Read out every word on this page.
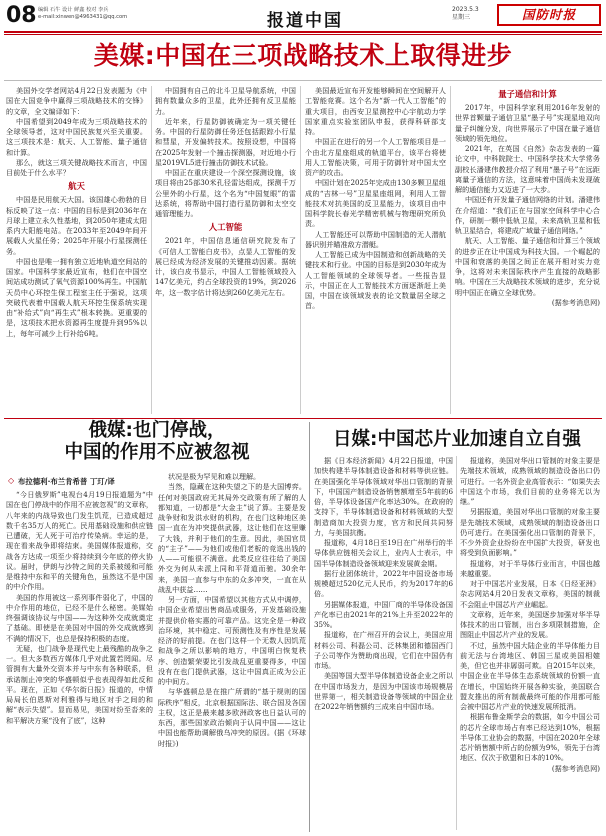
08 编辑 石牛 设计 鲜鑫 校对 李兵
e-mail:xinwen@4963431@qq.com	报道中国
2023.5.3
星期三	国防时报
美媒:中国在三项战略技术上取得进步

美国外交学者网站4月22日发表题为《中国在大国竞争中赢得三项战略技术的交锋》的文章，全文编译如下：

中国希望到2049年成为三项战略技术的全球领导者，这对中国民族复兴至关重要。这三项技术是：航天、人工智能、量子通信和计算。

那么，就这三项关键战略技术而言，中国目前处于什么水平？

航天

中国是民用航天大国。该国雄心勃勃的目标反映了这一点：中国的目标是到2036年在月球上建立永久性基地，到2050年建成太阳系内大阳能电站。在2033年至2049年间开展载人火星任务；2025年开展小行星探测任务。

中国也是唯一拥有独立近地轨道空间站的国家。中国科学家最近宣布，他们在中国空间站成功测试了氧气资源100%再生。中国航天员中心环控生保工程室主任于强说，这项突破代表着中国载人航天环控生保系统实现由“补给式”向“再生式”根本转换。更重要的是，这项技术把水资源再生度提升到95%以上，每年可减少上行补给6吨。

中国拥有自己的北斗卫星导航系统，中国拥有数量众多的卫星，此外还拥有反卫星能力。

近年来，行星防御被确定为一项关键任务。中国的行星防御任务还包括跟踪小行星和彗星，开发偏转技术。按照设想，中国将在2025年发射一个撞击探测器，对近地小行星2019VL5进行撞击防御技术试验。

中国正在重庆建设一个深空探测设施，该项目将由25部30米孔径雷达组成，探测千万公里外的小行星，这个名为“中国复眼”的雷达系统，将帮助中国打造行星防御和太空交通管理能力。

人工智能

2021年，中国信息通信研究院发布了《可信人工智能白皮书》，点显人工智能的发展已经成为经济发展的关键推动因素。据统计，该白皮书显示，中国人工智能领域投入147亿美元，约占全球投资的19%，到2026年，这一数字估计将达到260亿美元左右。

美国最近宣布开发能够瞬间在空间解开人工智能竞赛。这个名为“新一代人工智能”的重大项目，由西安卫星测控中心宇航动力学国家重点实验室团队申报，获得科研部支持。

中国正在进行的另一个人工智能项目是一个由北方星座组成的轨道平台，该平台将使用人工智能决策，可用于防御针对中国太空资产的攻击。

中国计划在2025年完成由130多颗卫星组成的“吉林一号”卫星星座组网，利用人工智能技术对抗美国的反卫星能力，该项目由中国科学院长春光学精密机械与物理研究所负责。

人工智能还可以帮助中国制造的无人潜航器识别并瞄准敌方潜艇。

人工智能已成为中国制造和创新战略的关键技术和行业。中国的目标是到2030年成为人工智能领域的全球领导者。一些报告显示，中国正在人工智能技术方面逐渐赶上美国，中国在该领域发表的论文数量居全球之首。

量子通信和计算

2017年，中国科学家利用2016年发射的世界首颗量子通信卫星“墨子号”实现星地双向量子纠缠分发，向世界展示了中国在量子通信领域的领先地位。

2021年，在英国《自然》杂志发表的一篇论文中，中科院院士、中国科学技术大学常务副校长潘建伟教授介绍了利用“墨子号”在远距离量子通信的方法，这意味着中国尚未发现破解的通信能力又迈进了一大步。

中国还有开发量子通信网络的计划。潘建伟在介绍道：“我们正在与国家空间科学中心合作，研制一颗中低轨卫星，未来高轨卫星和低轨卫星结合，将建成广域量子通信网络。”

航天、人工智能、量子通信和计算三个领域的进步正在让中国成为科技大国。一个崛起的中国和衰落的美国之间正在展开相对实力竞争，这将对未来国际秩序产生直接的战略影响。中国在三大战略技术领域的进步，充分说明中国正在确立全球优势。

(据参考消息网)
俄媒:也门停战，
中国的作用不应被忽视
◇ 布拉德利·布兰肯希普 丁玎/译

“今日俄罗斯”电视台4月19日报道题为“中国在也门停战中的作用不应被忽视”的文章称，八年来的内战导致也门发生饥荒，已造成超过数千名35万人的死亡。民用基础设施和供应链已遭破，无人死于可治疗传染病。幸运的是，现在看来战争即将结束。美国媒体报道称，交战各方达成一项至少将持续到今年底的停火协议。届时，伊朗与沙特之间的关系被缓和可能是维持中东和平的关键角色，虽然这不是中国的中介作用。

美国的作用被这一系列事件弱化了，中国的中介作用的地位，已经不是什么秘密。美媒始终强调该协议与中国——为这种外交成就奠定了基础。即使是在美国对中国的外交成就感到不满的情况下，也总是保持积极的态度。

无疑，也门战争是现代史上最残酷的战争之一。但大多数西方媒体几乎对此置若罔闻。尽管拥有大量外交资本并与中东有各种联系，但承诺制止冲突的华盛顿似乎也表现得如此反和平。现在，正如《华尔街日报》报道的，中情局局长伯恩斯对利雅得与地区对手之间的和解“表示失望”。显而易见，美国对纷至沓来的和平解决方案“没有了底”，这种

状况是极为罕见和难以理解。

当然，隐藏在这种失望之下的是大国博弈。任何对美国政府无其局外交政策有所了解的人都知道，一切都是“大金主”说了算。主要是发战争财和发洪水财的机构，在也门这种地区美国一直在为冲突提供武器，这让他们在这里赚了大钱，并利于他们的生意。因此，美国官员的“主子”——为他们或他们老板的竞选出钱的人——可能很不满意。此类反应往往给了美国外交为何从未派上同和平背道而驰。30余年来，美国一直参与中东的众多冲突，一直在从战乱中获益……

另一方面，中国希望以其他方式从中调停，中国企业希望出售商品或服务，开发基础设施并提供价格实惠的可靠产品。这完全是一种政治环境，其中稳定、可预测性及有序性是发展经济的好前提。在也门这样一个无数人因饥荒和战争之所以影响的地方，中国明白恢复秩序、创造繁荣要比引发战乱更重要得多，中国没有在也门提供武器，这让中国真正成为公正的中间方。

与华盛顿总是在推广所谓的“基于规则的国际秩序”相反，北京根据国际法、联合国及各国主权，这正是最来越多欧洲政客也日益认可的东西，那些国家政治倾向于认同中国——这让中国也能帮助调解俄乌冲突的原因。(据《环球时报》)

日媒:中国芯片业加速自立自强

据《日本经济新闻》4月22日报道，中国加快构建半导体制造设备和材料等供应链。在美国强化半导体领域对华出口管制的背景下，中国国产制造设备销售额增至5年前的6倍，半导体设备国产化率达30%。在政府的支持下，半导体制造设备和材料领域的大型制造商加大投资力度，官方和民间共同努力，与美国抗衡。

报道称，4月18日至19日在广州举行的半导体供应链相关会议上，业内人士表示，中国半导体制造设备领域迎来发展黄金期。

据行业团体统计，2022年中国设备市场规模超过520亿元人民币，约为2017年的6倍。

另据媒体报道，中国厂商的半导体设备国产化率已由2021年的21%上升至2022年的35%。

报道称，在广州召开的会议上，美国应用材料公司、科磊公司、泛林集团和德国西门子公司等作为赞助商出现，它们在中国仍有市场。

美国等国大型半导体制造设备企业之所以在中国市场发力，是因为中国该市场规模居世界第一，相关制造设备等领域的中国企业在2022年销售额约三成来自中国市场。

报道称，美国对华出口管制的对象主要是先端技术领域，成熟领域的制造设备出口仍可进行。一名外资企业高管表示：“如果失去中国这个市场，我们目前的业务将无以为继。”

另据报道，美国对华出口管制的对象主要是先端技术领域，成熟领域的制造设备出口仍可进行。在美国强化出口管制的背景下，不少外资企业纷纷在中国扩大投资，研发也将受到负面影响。”

报道称，对于半导体行业而言，中国也越来越重要。

对于中国芯片业发展，日本《日经亚洲》杂志网站4月20日发表文章称，美国的制裁不会阻止中国芯片产业崛起。

文章称，近年来，美国逐步加强对华半导体技术的出口管制，出台多项限制措施，企图阻止中国芯片产业的发展。

不过，虽然中国大陆企业的半导体能力目前无法与台湾地区、韩国三星或美国相媲美，但它也并非孱弱可欺。自2015年以来，中国企业在半导体生态系统领域的份额一直在增长，中国始终开展各种实验，美国联合盟友推出的所有制裁最终可能的作用都可能会被中国芯片产业的快速发展所抵消。

根据布鲁金斯学会的数据，如今中国公司的芯片全球市场占有率已经达到10%，根据半导体工业协会的数据，中国在2020年全球芯片销售额中所占的份额为9%，领先于台湾地区、仅次于欧盟和日本的10%。

(据参考消息网)
